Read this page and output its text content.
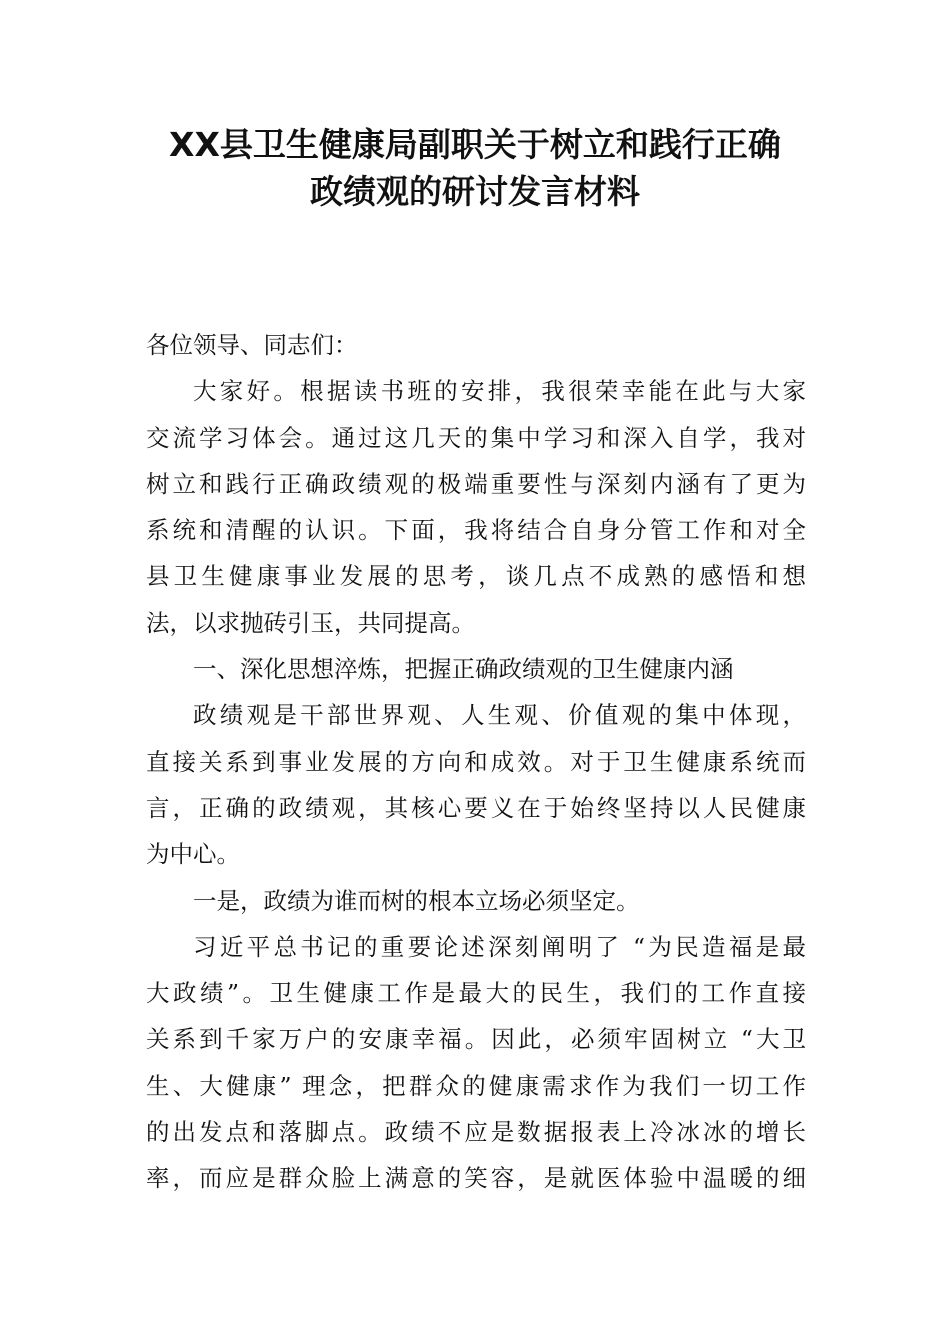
XX县卫生健康局副职关于树立和践行正确
政绩观的研讨发言材料
各位领导、同志们：
大家好。根据读书班的安排，我很荣幸能在此与大家
交流学习体会。通过这几天的集中学习和深入自学，我对
树立和践行正确政绩观的极端重要性与深刻内涵有了更为
系统和清醒的认识。下面，我将结合自身分管工作和对全
县卫生健康事业发展的思考，谈几点不成熟的感悟和想
法，以求抛砖引玉，共同提高。
一、深化思想淬炼，把握正确政绩观的卫生健康内涵
政绩观是干部世界观、人生观、价值观的集中体现，
直接关系到事业发展的方向和成效。对于卫生健康系统而
言，正确的政绩观，其核心要义在于始终坚持以人民健康
为中心。
一是，政绩为谁而树的根本立场必须坚定。
习近平总书记的重要论述深刻阐明了 “为民造福是最
大政绩”。卫生健康工作是最大的民生，我们的工作直接
关系到千家万户的安康幸福。因此，必须牢固树立 “大卫
生、大健康” 理念，把群众的健康需求作为我们一切工作
的出发点和落脚点。政绩不应是数据报表上冷冰冰的增长
率，而应是群众脸上满意的笑容，是就医体验中温暖的细
